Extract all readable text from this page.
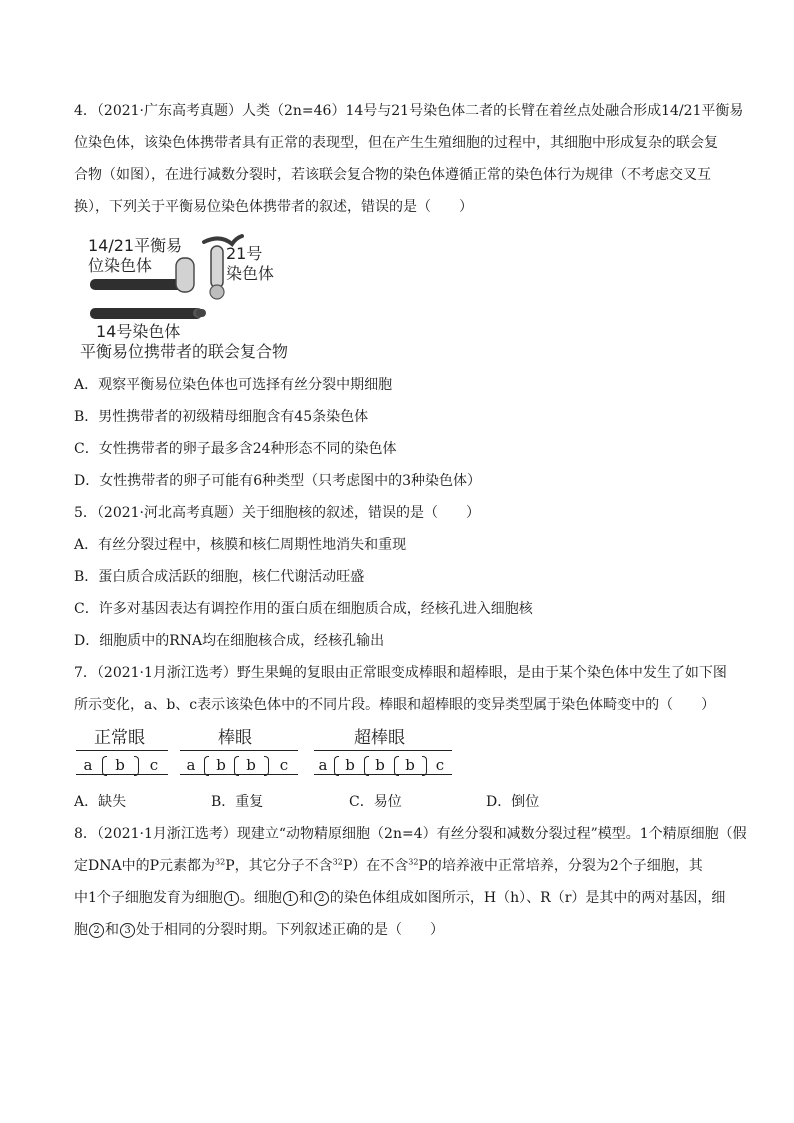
4．（2021·广东高考真题）人类（2n=46）14号与21号染色体二者的长臂在着丝点处融合形成14/21平衡易
位染色体，该染色体携带者具有正常的表现型，但在产生生殖细胞的过程中，其细胞中形成复杂的联会复
合物（如图），在进行减数分裂时，若该联会复合物的染色体遵循正常的染色体行为规律（不考虑交叉互
换），下列关于平衡易位染色体携带者的叙述，错误的是（　　）
14/21平衡易
位染色体
21号
染色体
14号染色体
平衡易位携带者的联会复合物
A．观察平衡易位染色体也可选择有丝分裂中期细胞
B．男性携带者的初级精母细胞含有45条染色体
C．女性携带者的卵子最多含24种形态不同的染色体
D．女性携带者的卵子可能有6种类型（只考虑图中的3种染色体）
5．（2021·河北高考真题）关于细胞核的叙述，错误的是（　　）
A．有丝分裂过程中，核膜和核仁周期性地消失和重现
B．蛋白质合成活跃的细胞，核仁代谢活动旺盛
C．许多对基因表达有调控作用的蛋白质在细胞质合成，经核孔进入细胞核
D．细胞质中的RNA均在细胞核合成，经核孔输出
7．（2021·1月浙江选考）野生果蝇的复眼由正常眼变成棒眼和超棒眼，是由于某个染色体中发生了如下图
所示变化，a、b、c表示该染色体中的不同片段。棒眼和超棒眼的变异类型属于染色体畸变中的（　　）
正常眼
a	b	c
棒眼
a	b	b	c
超棒眼
a	b	b	b	c
A．缺失	B．重复	C．易位	D．倒位
8．（2021·1月浙江选考）现建立“动物精原细胞（2n=4）有丝分裂和减数分裂过程”模型。1个精原细胞（假
定DNA中的P元素都为$^{32}$P，其它分子不含$^{32}$P）在不含$^{32}$P的培养液中正常培养，分裂为2个子细胞，其
中1个子细胞发育为细胞 1 。细胞 1 和 2 的染色体组成如图所示，H（h）、R（r）是其中的两对基因，细
胞 2 和 3 处于相同的分裂时期。下列叙述正确的是（　　）
